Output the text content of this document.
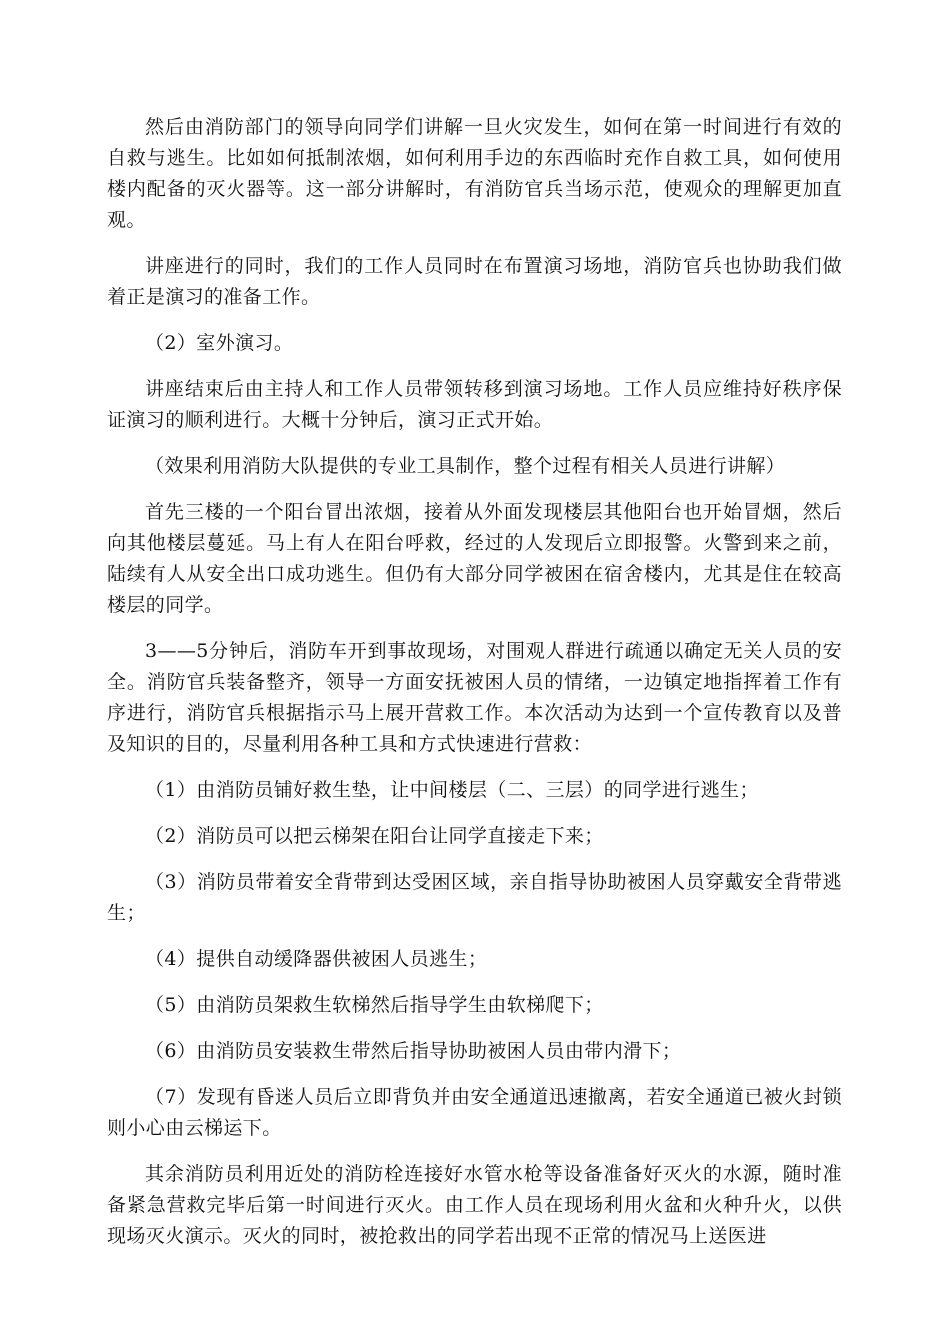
然后由消防部门的领导向同学们讲解一旦火灾发生，如何在第一时间进行有效的自救与逃生。比如如何抵制浓烟，如何利用手边的东西临时充作自救工具，如何使用楼内配备的灭火器等。这一部分讲解时，有消防官兵当场示范，使观众的理解更加直观。

讲座进行的同时，我们的工作人员同时在布置演习场地，消防官兵也协助我们做着正是演习的准备工作。

（2）室外演习。

讲座结束后由主持人和工作人员带领转移到演习场地。工作人员应维持好秩序保证演习的顺利进行。大概十分钟后，演习正式开始。

（效果利用消防大队提供的专业工具制作，整个过程有相关人员进行讲解）

首先三楼的一个阳台冒出浓烟，接着从外面发现楼层其他阳台也开始冒烟，然后向其他楼层蔓延。马上有人在阳台呼救，经过的人发现后立即报警。火警到来之前，陆续有人从安全出口成功逃生。但仍有大部分同学被困在宿舍楼内，尤其是住在较高楼层的同学。

3——5分钟后，消防车开到事故现场，对围观人群进行疏通以确定无关人员的安全。消防官兵装备整齐，领导一方面安抚被困人员的情绪，一边镇定地指挥着工作有序进行，消防官兵根据指示马上展开营救工作。本次活动为达到一个宣传教育以及普及知识的目的，尽量利用各种工具和方式快速进行营救：

（1）由消防员铺好救生垫，让中间楼层（二、三层）的同学进行逃生；

（2）消防员可以把云梯架在阳台让同学直接走下来；

（3）消防员带着安全背带到达受困区域，亲自指导协助被困人员穿戴安全背带逃生；

（4）提供自动缓降器供被困人员逃生；

（5）由消防员架救生软梯然后指导学生由软梯爬下；

（6）由消防员安装救生带然后指导协助被困人员由带内滑下；

（7）发现有昏迷人员后立即背负并由安全通道迅速撤离，若安全通道已被火封锁则小心由云梯运下。

其余消防员利用近处的消防栓连接好水管水枪等设备准备好灭火的水源，随时准备紧急营救完毕后第一时间进行灭火。由工作人员在现场利用火盆和火种升火，以供现场灭火演示。灭火的同时，被抢救出的同学若出现不正常的情况马上送医进
